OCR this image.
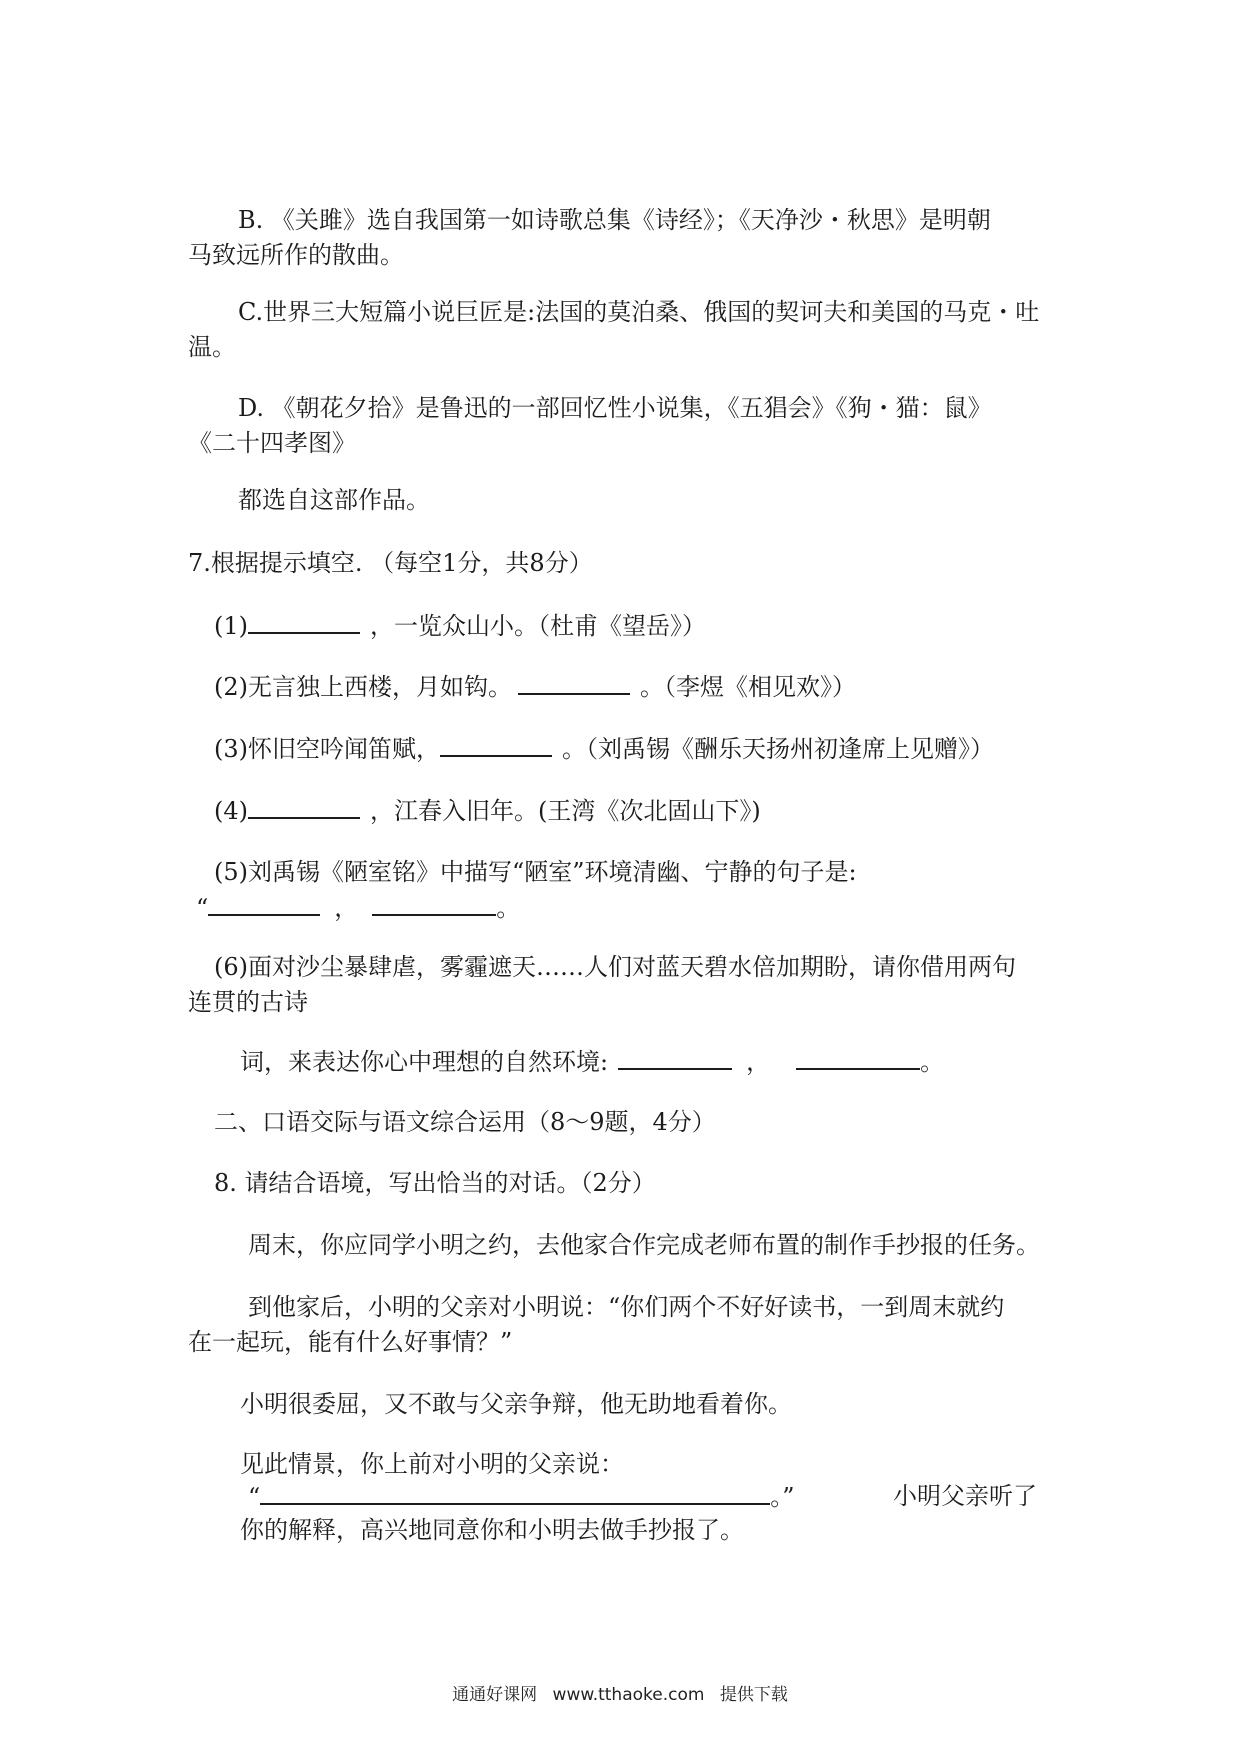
B. 《关雎》选自我国第一如诗歌总集《诗经》；《天净沙・秋思》是明朝
马致远所作的散曲。
C.世界三大短篇小说巨匠是:法国的莫泊桑、俄国的契诃夫和美国的马克・吐
温。
D. 《朝花夕拾》是鲁迅的一部回忆性小说集，《五猖会》《狗・猫：鼠》
《二十四孝图》
都选自这部作品。
7.根据提示填空. （每空1分，共8分）
(1)	，一览众山小。（杜甫《望岳》）
(2)无言独上西楼，月如钩。	。（李煜《相见欢》）
(3)怀旧空吟闻笛赋，	。（刘禹锡《酬乐天扬州初逢席上见赠》）
(4)	，江春入旧年。(王湾《次北固山下》)
(5)刘禹锡《陋室铭》中描写“陋室”环境清幽、宁静的句子是:
“	，	。
(6)面对沙尘暴肆虐，雾霾遮天……人们对蓝天碧水倍加期盼，请你借用两句
连贯的古诗
词，来表达你心中理想的自然环境:	，	。
二、口语交际与语文综合运用（8～9题，4分）
8. 请结合语境，写出恰当的对话。（2分）
周末，你应同学小明之约，去他家合作完成老师布置的制作手抄报的任务。
到他家后，小明的父亲对小明说：“你们两个不好好读书，一到周末就约
在一起玩，能有什么好事情？”
小明很委屈，又不敢与父亲争辩，他无助地看着你。
见此情景，你上前对小明的父亲说：
“	。”	小明父亲听了
你的解释，高兴地同意你和小明去做手抄报了。
通通好课网 www.tthaoke.com 提供下载
